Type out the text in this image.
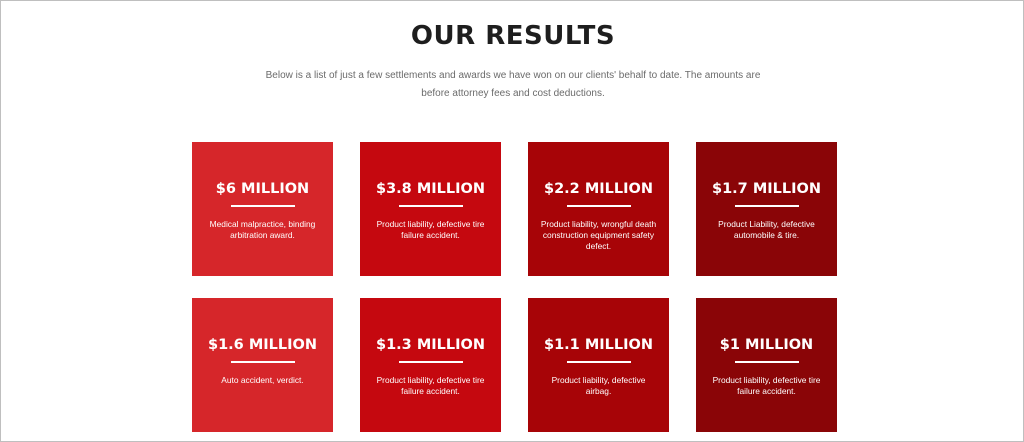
OUR RESULTS

Below is a list of just a few settlements and awards we have won on our clients' behalf to date. The amounts are before attorney fees and cost deductions.

$6 MILLION
Medical malpractice, binding arbitration award.
$3.8 MILLION
Product liability, defective tire failure accident.
$2.2 MILLION
Product liability, wrongful death construction equipment safety defect.
$1.7 MILLION
Product Liability, defective automobile & tire.
$1.6 MILLION
Auto accident, verdict.
$1.3 MILLION
Product liability, defective tire failure accident.
$1.1 MILLION
Product liability, defective airbag.
$1 MILLION
Product liability, defective tire failure accident.
